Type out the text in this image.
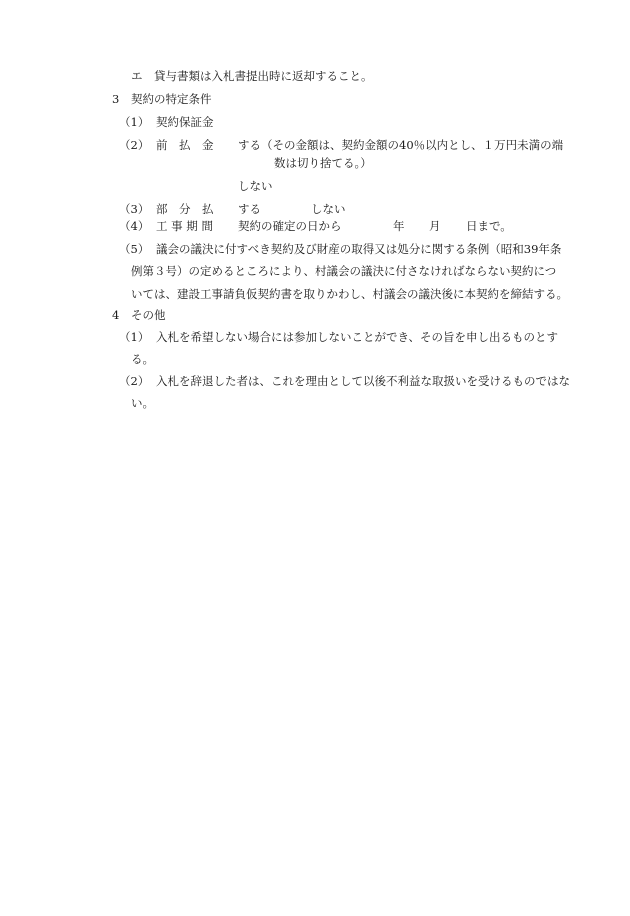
エ　貸与書類は入札書提出時に返却すること。
3 契約の特定条件
（1） 契約保証金
（2） 前　払　金 する（その金額は、契約金額の40％以内とし、１万円未満の端
数は切り捨てる。）
しない
（3） 部　分　払 する	しない
（4） 工 事 期 間 契約の確定の日から	年 月 日まで。
（5） 議会の議決に付すべき契約及び財産の取得又は処分に関する条例（昭和39年条
例第３号）の定めるところにより、村議会の議決に付さなければならない契約につ
いては、建設工事請負仮契約書を取りかわし、村議会の議決後に本契約を締結する。
4 その他
（1） 入札を希望しない場合には参加しないことができ、その旨を申し出るものとす
る。
（2） 入札を辞退した者は、これを理由として以後不利益な取扱いを受けるものではな
い。
